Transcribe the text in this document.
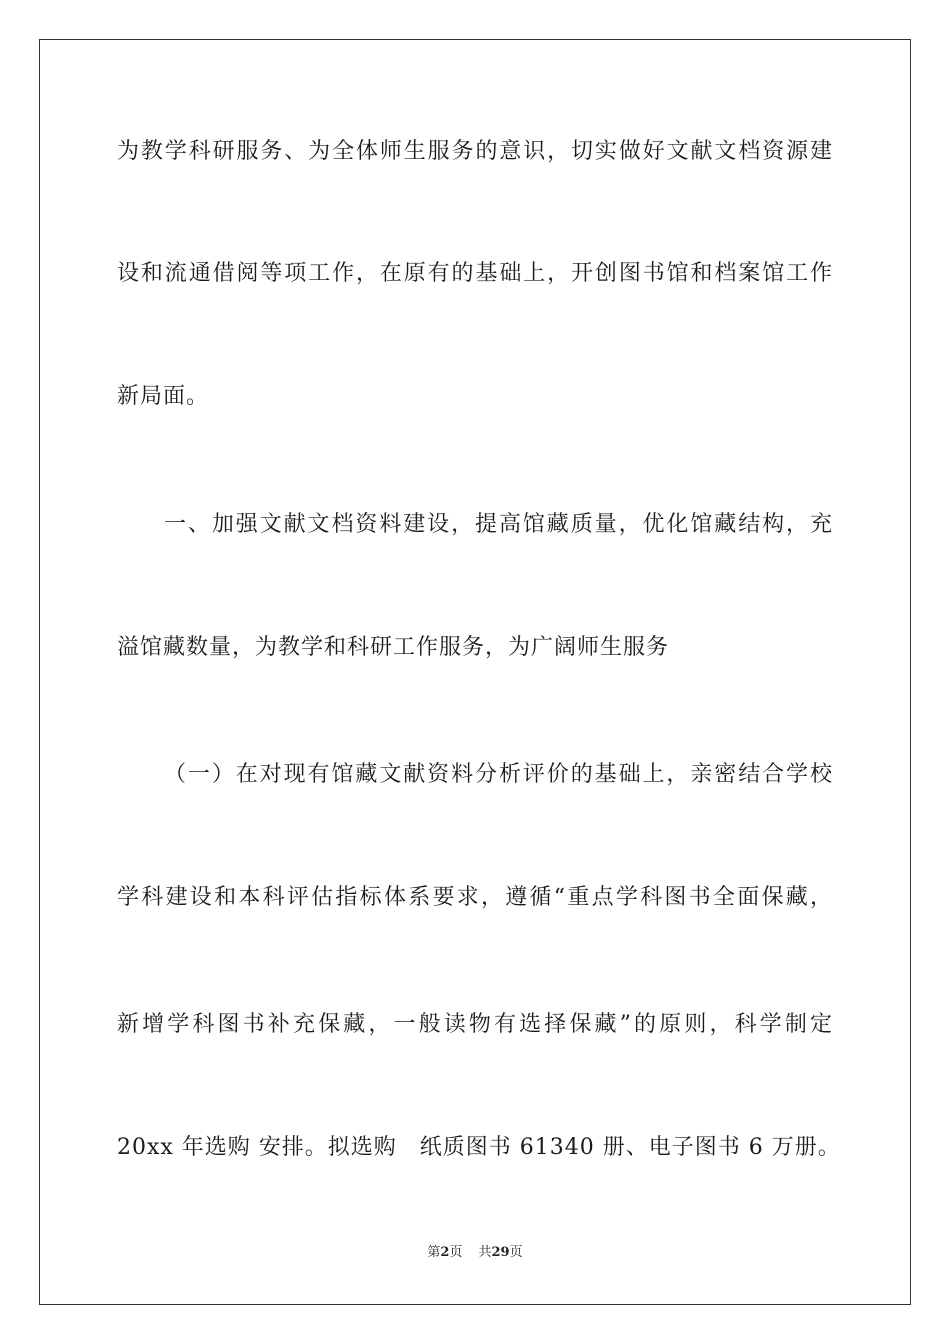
为教学科研服务、为全体师生服务的意识，切实做好文献文档资源建
设和流通借阅等项工作，在原有的基础上，开创图书馆和档案馆工作
新局面。
一、加强文献文档资料建设，提高馆藏质量，优化馆藏结构，充
溢馆藏数量，为教学和科研工作服务，为广阔师生服务
（一）在对现有馆藏文献资料分析评价的基础上，亲密结合学校
学科建设和本科评估指标体系要求，遵循“重点学科图书全面保藏，
新增学科图书补充保藏，一般读物有选择保藏”的原则，科学制定
20xx 年选购 安排。拟选购　纸质图书 61340 册、电子图书 6 万册。
第2页 共29页
